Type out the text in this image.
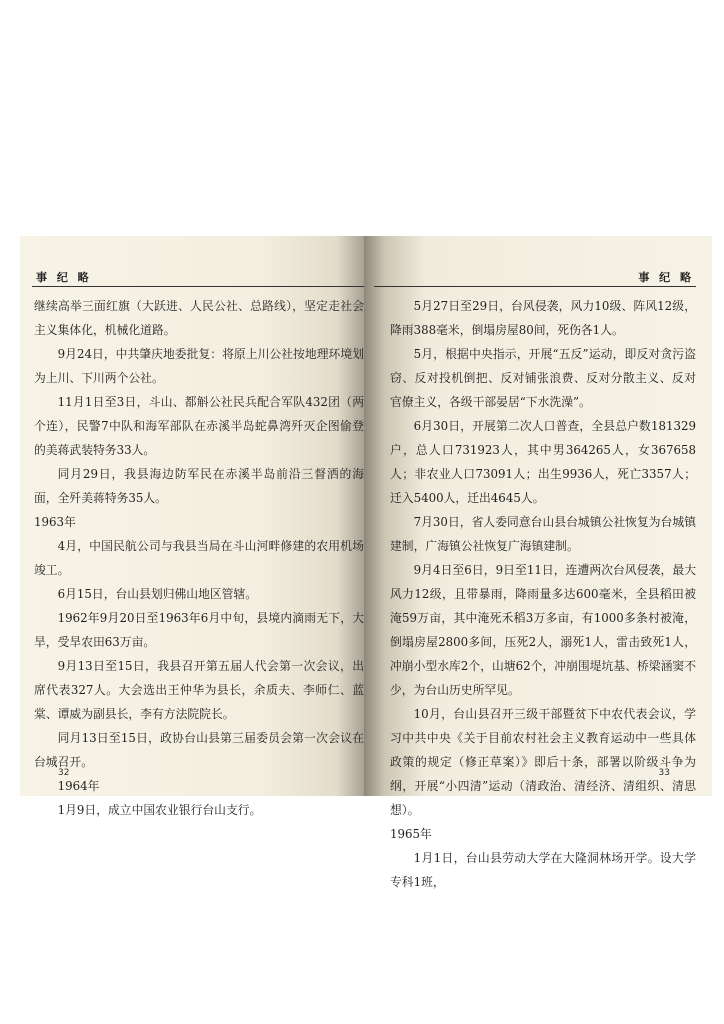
事 纪 略

继续高举三面红旗（大跃进、人民公社、总路线），坚定走社会主义集体化，机械化道路。

9月24日，中共肇庆地委批复：将原上川公社按地理环境划为上川、下川两个公社。

11月1日至3日，斗山、都斛公社民兵配合军队432团（两个连），民警7中队和海军部队在赤溪半岛蛇鼻湾歼灭企图偷登的美蒋武装特务33人。

同月29日，我县海边防军民在赤溪半岛前沿三督洒的海面，全歼美蒋特务35人。

1963年

4月，中国民航公司与我县当局在斗山河畔修建的农用机场竣工。

6月15日，台山县划归佛山地区管辖。

1962年9月20日至1963年6月中旬，县境内滴雨无下，大旱，受旱农田63万亩。

9月13日至15日，我县召开第五届人代会第一次会议，出席代表327人。大会选出王仲华为县长，余质夫、李师仁、蓝棠、谭威为副县长，李有方法院院长。

同月13日至15日，政协台山县第三届委员会第一次会议在台城召开。

1964年

1月9日，成立中国农业银行台山支行。

32
事 纪 略

5月27日至29日，台风侵袭，风力10级、阵风12级，降雨388毫米，倒塌房屋80间，死伤各1人。

5月，根据中央指示，开展“五反”运动，即反对贪污盗窃、反对投机倒把、反对铺张浪费、反对分散主义、反对官僚主义，各级干部晏居“下水洗澡”。

6月30日，开展第二次人口普查，全县总户数181329户，总人口731923人，其中男364265人，女367658人；非农业人口73091人；出生9936人，死亡3357人；迁入5400人，迁出4645人。

7月30日，省人委同意台山县台城镇公社恢复为台城镇建制，广海镇公社恢复广海镇建制。

9月4日至6日，9日至11日，连遭两次台风侵袭，最大风力12级，且带暴雨，降雨量多达600毫米，全县稻田被淹59万亩，其中淹死禾稻3万多亩，有1000多条村被淹，倒塌房屋2800多间，压死2人，溺死1人，雷击致死1人，冲崩小型水库2个，山塘62个，冲崩围堤坑基、桥梁涵窦不少，为台山历史所罕见。

10月，台山县召开三级干部暨贫下中农代表会议，学习中共中央《关于目前农村社会主义教育运动中一些具体政策的规定（修正草案）》即后十条，部署以阶级斗争为纲，开展“小四清”运动（清政治、清经济、清组织、清思想）。

1965年

1月1日，台山县劳动大学在大隆洞林场开学。设大学专科1班，

33
